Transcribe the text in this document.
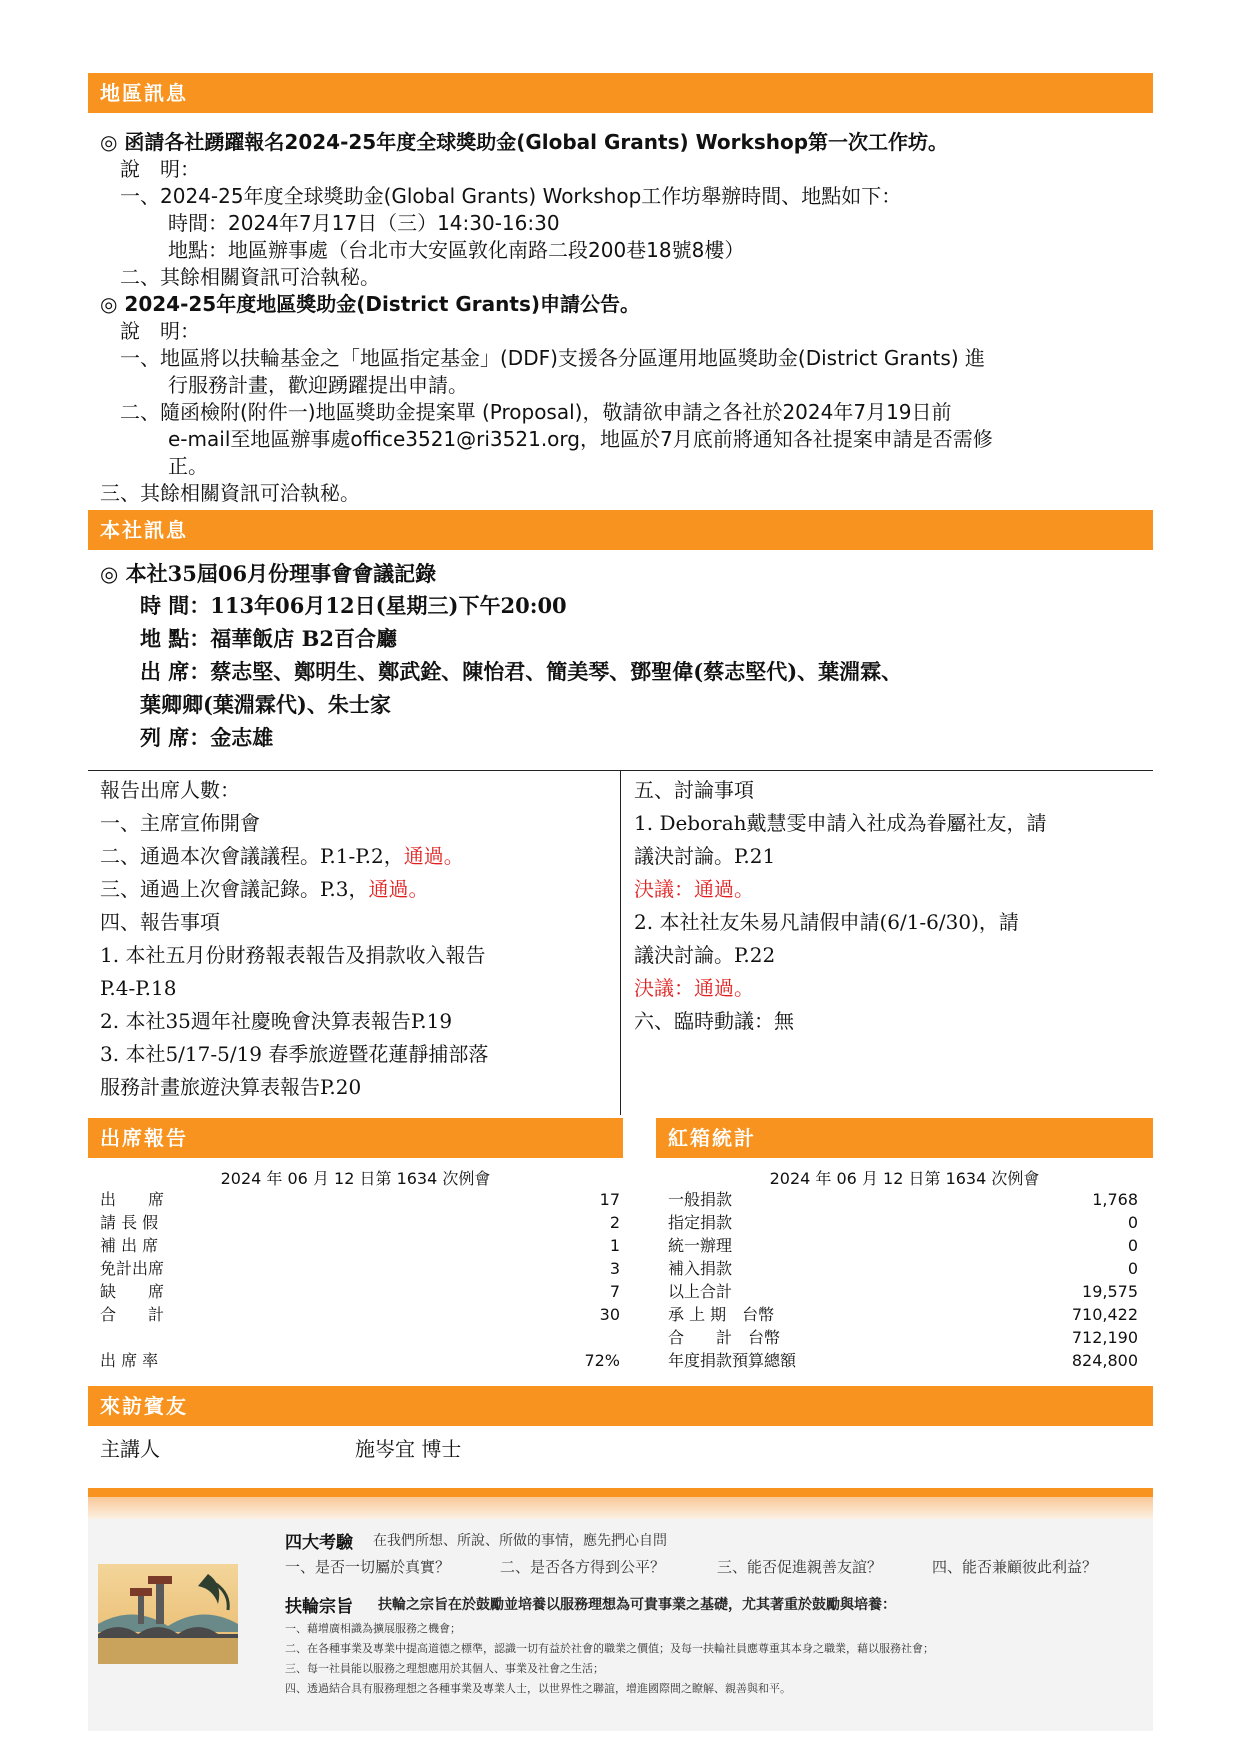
地區訊息
◎ 函請各社踴躍報名2024-25年度全球獎助金(Global Grants) Workshop第一次工作坊。
說　明：
一、2024-25年度全球獎助金(Global Grants) Workshop工作坊舉辦時間、地點如下：
時間：2024年7月17日（三）14:30-16:30
地點：地區辦事處（台北市大安區敦化南路二段200巷18號8樓）
二、其餘相關資訊可洽執秘。
◎ 2024-25年度地區獎助金(District Grants)申請公告。
說　明：
一、地區將以扶輪基金之「地區指定基金」(DDF)支援各分區運用地區獎助金(District Grants) 進
行服務計畫，歡迎踴躍提出申請。
二、隨函檢附(附件一)地區獎助金提案單 (Proposal)，敬請欲申請之各社於2024年7月19日前
e-mail至地區辦事處office3521@ri3521.org，地區於7月底前將通知各社提案申請是否需修
正。
三、其餘相關資訊可洽執秘。
本社訊息
◎ 本社35屆06月份理事會會議記錄
時 間：113年06月12日(星期三)下午20:00
地 點：福華飯店 B2百合廳
出 席：蔡志堅、鄭明生、鄭武銓、陳怡君、簡美琴、鄧聖偉(蔡志堅代)、葉淵霖、
葉卿卿(葉淵霖代)、朱士家
列 席：金志雄
報告出席人數：
一、主席宣佈開會
二、通過本次會議議程。P.1-P.2，通過。
三、通過上次會議記錄。P.3，通過。
四、報告事項
1. 本社五月份財務報表報告及捐款收入報告
P.4-P.18
2. 本社35週年社慶晚會決算表報告P.19
3. 本社5/17-5/19 春季旅遊暨花蓮靜捕部落
服務計畫旅遊決算表報告P.20
五、討論事項
1. Deborah戴慧雯申請入社成為眷屬社友，請
議決討論。P.21
決議：通過。
2. 本社社友朱易凡請假申請(6/1-6/30)，請
議決討論。P.22
決議：通過。
六、臨時動議：無
出席報告	紅箱統計
2024 年 06 月 12 日第 1634 次例會	2024 年 06 月 12 日第 1634 次例會
出　　席	17
請 長 假	2
補 出 席	1
免計出席	3
缺　　席	7
合　　計	30
出 席 率	72%
一般捐款	1,768
指定捐款	0
統一辦理	0
補入捐款	0
以上合計	19,575
承 上 期　台幣	710,422
合　　計　台幣	712,190
年度捐款預算總額	824,800
來訪賓友
主講人	施岑宜 博士
四大考驗 在我們所想、所說、所做的事情，應先捫心自問
一、是否一切屬於真實？	二、是否各方得到公平？	三、能否促進親善友誼？	四、能否兼顧彼此利益？
扶輪宗旨 扶輪之宗旨在於鼓勵並培養以服務理想為可貴事業之基礎，尤其著重於鼓勵與培養：
一、藉增廣相識為擴展服務之機會；
二、在各種事業及專業中提高道德之標準，認識一切有益於社會的職業之價值；及每一扶輪社員應尊重其本身之職業，藉以服務社會；
三、每一社員能以服務之理想應用於其個人、事業及社會之生活；
四、透過結合具有服務理想之各種事業及專業人士，以世界性之聯誼，增進國際間之瞭解、親善與和平。
